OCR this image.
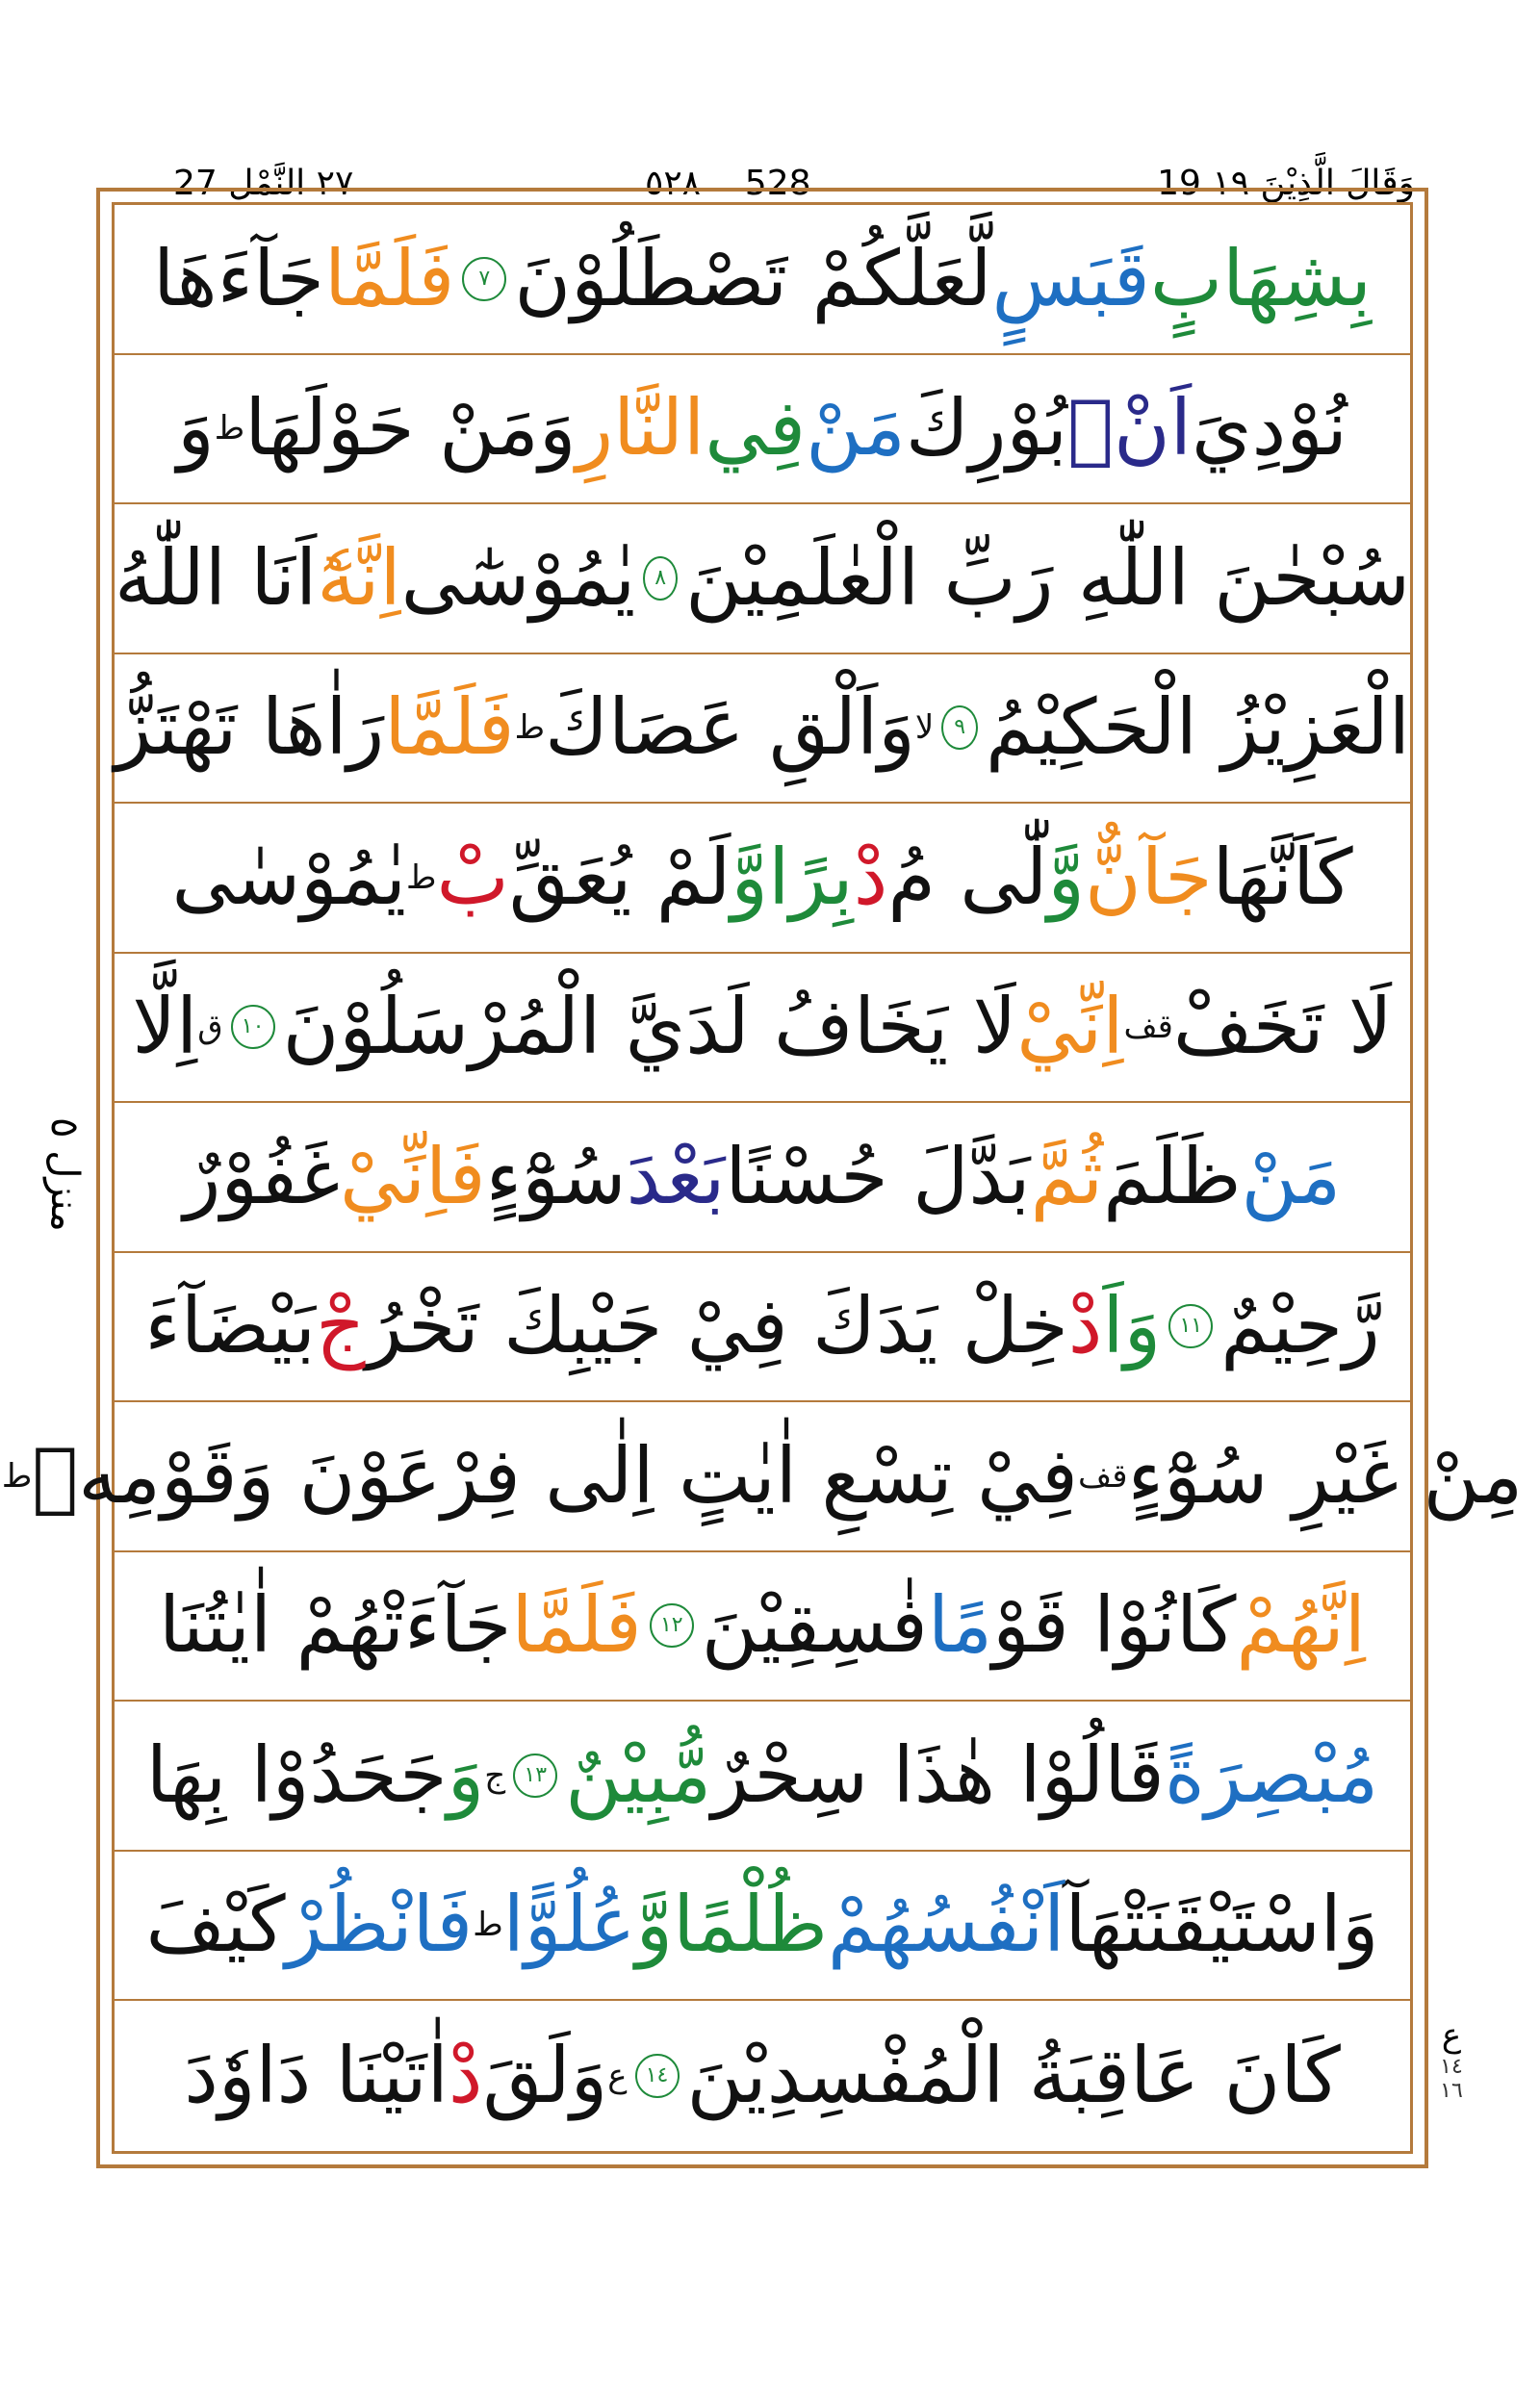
19 وَقَالَ الَّذِيْنَ ١٩
٥٢٨ 528
٢٧ النَّمْل 27
بِشِهَابٍ
قَبَسٍ
لَّعَلَّكُمْ تَصْطَلُوْنَ
٧
فَلَمَّا
جَآءَهَا
نُوْدِيَ
اَنْۢ
بُوْرِكَ
مَنْ
فِي
النَّارِ
وَمَنْ حَوْلَهَا
ط
وَ
سُبْحٰنَ اللّٰهِ رَبِّ الْعٰلَمِيْنَ
٨
يٰمُوْسٰٓى
اِنَّهٗٓ
اَنَا اللّٰهُ
الْعَزِيْزُ الْحَكِيْمُ
٩
لا
وَاَلْقِ عَصَاكَ
ط
فَلَمَّا
رَاٰهَا تَهْتَزُّ
كَاَنَّهَا
جَآنٌّ
وَّ
لّٰى مُ
دْ
بِرًا
وَّ
لَمْ يُعَقِّ
بْ
ط
يٰمُوْسٰى
لَا تَخَفْ
قف
اِنِّيْ
لَا يَخَافُ لَدَيَّ الْمُرْسَلُوْنَ
١٠
ق
اِلَّا
مَنْ
ظَلَمَ
ثُمَّ
بَدَّلَ حُسْنًا
بَعْدَ
سُوْٓءٍ
فَاِنِّيْ
غَفُوْرٌ
رَّحِيْمٌ
١١
وَ
اَ
دْ
خِلْ يَدَكَ فِيْ جَيْبِكَ تَخْرُ
جْ
بَيْضَآءَ
مِنْ غَيْرِ سُوْٓءٍ
قف
فِيْ تِسْعِ اٰيٰتٍ اِلٰى فِرْعَوْنَ وَقَوْمِهٖ
ط
اِنَّهُمْ
كَانُوْا قَوْ
مًا
فٰسِقِيْنَ
١٢
فَلَمَّا
جَآءَتْهُمْ اٰيٰتُنَا
مُبْصِرَةً
قَالُوْا هٰذَا سِحْرٌ
مُّبِيْنٌ
١٣
ج
وَ
جَحَدُوْا بِهَا
وَاسْتَيْقَنَتْهَآ
اَنْفُسُهُمْ
ظُلْمًا
وَّ
عُلُوًّا
ط
فَانْظُرْ
كَيْفَ
كَانَ عَاقِبَةُ الْمُفْسِدِيْنَ
١٤
ع
وَلَقَ
دْ
اٰتَيْنَا دَاوٗدَ
منزل ٥
ع
١٤
١٦
